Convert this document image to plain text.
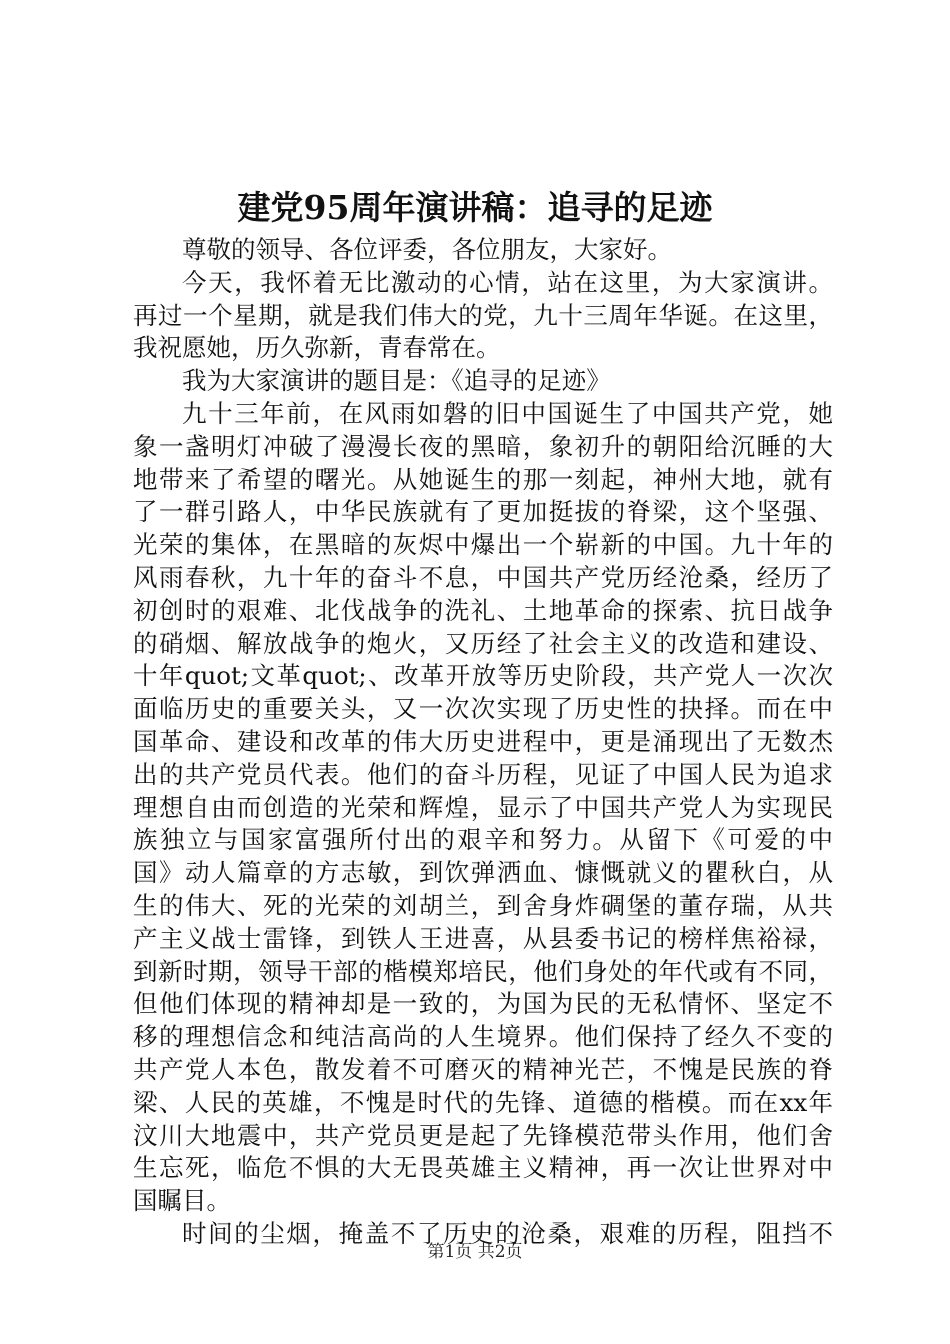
建党95周年演讲稿：追寻的足迹
尊敬的领导、各位评委，各位朋友，大家好。
今天，我怀着无比激动的心情，站在这里，为大家演讲。
再过一个星期，就是我们伟大的党，九十三周年华诞。在这里，
我祝愿她，历久弥新，青春常在。
我为大家演讲的题目是：《追寻的足迹》
九十三年前，在风雨如磐的旧中国诞生了中国共产党，她
象一盏明灯冲破了漫漫长夜的黑暗，象初升的朝阳给沉睡的大
地带来了希望的曙光。从她诞生的那一刻起，神州大地，就有
了一群引路人，中华民族就有了更加挺拔的脊梁，这个坚强、
光荣的集体，在黑暗的灰烬中爆出一个崭新的中国。九十年的
风雨春秋，九十年的奋斗不息，中国共产党历经沧桑，经历了
初创时的艰难、北伐战争的洗礼、土地革命的探索、抗日战争
的硝烟、解放战争的炮火，又历经了社会主义的改造和建设、
十年quot;文革quot;、改革开放等历史阶段，共产党人一次次
面临历史的重要关头，又一次次实现了历史性的抉择。而在中
国革命、建设和改革的伟大历史进程中，更是涌现出了无数杰
出的共产党员代表。他们的奋斗历程，见证了中国人民为追求
理想自由而创造的光荣和辉煌，显示了中国共产党人为实现民
族独立与国家富强所付出的艰辛和努力。从留下《可爱的中
国》动人篇章的方志敏，到饮弹洒血、慷慨就义的瞿秋白，从
生的伟大、死的光荣的刘胡兰，到舍身炸碉堡的董存瑞，从共
产主义战士雷锋，到铁人王进喜，从县委书记的榜样焦裕禄，
到新时期，领导干部的楷模郑培民，他们身处的年代或有不同，
但他们体现的精神却是一致的，为国为民的无私情怀、坚定不
移的理想信念和纯洁高尚的人生境界。他们保持了经久不变的
共产党人本色，散发着不可磨灭的精神光芒，不愧是民族的脊
梁、人民的英雄，不愧是时代的先锋、道德的楷模。而在xx年
汶川大地震中，共产党员更是起了先锋模范带头作用，他们舍
生忘死，临危不惧的大无畏英雄主义精神，再一次让世界对中
国瞩目。
时间的尘烟，掩盖不了历史的沧桑，艰难的历程，阻挡不
第1页 共2页
